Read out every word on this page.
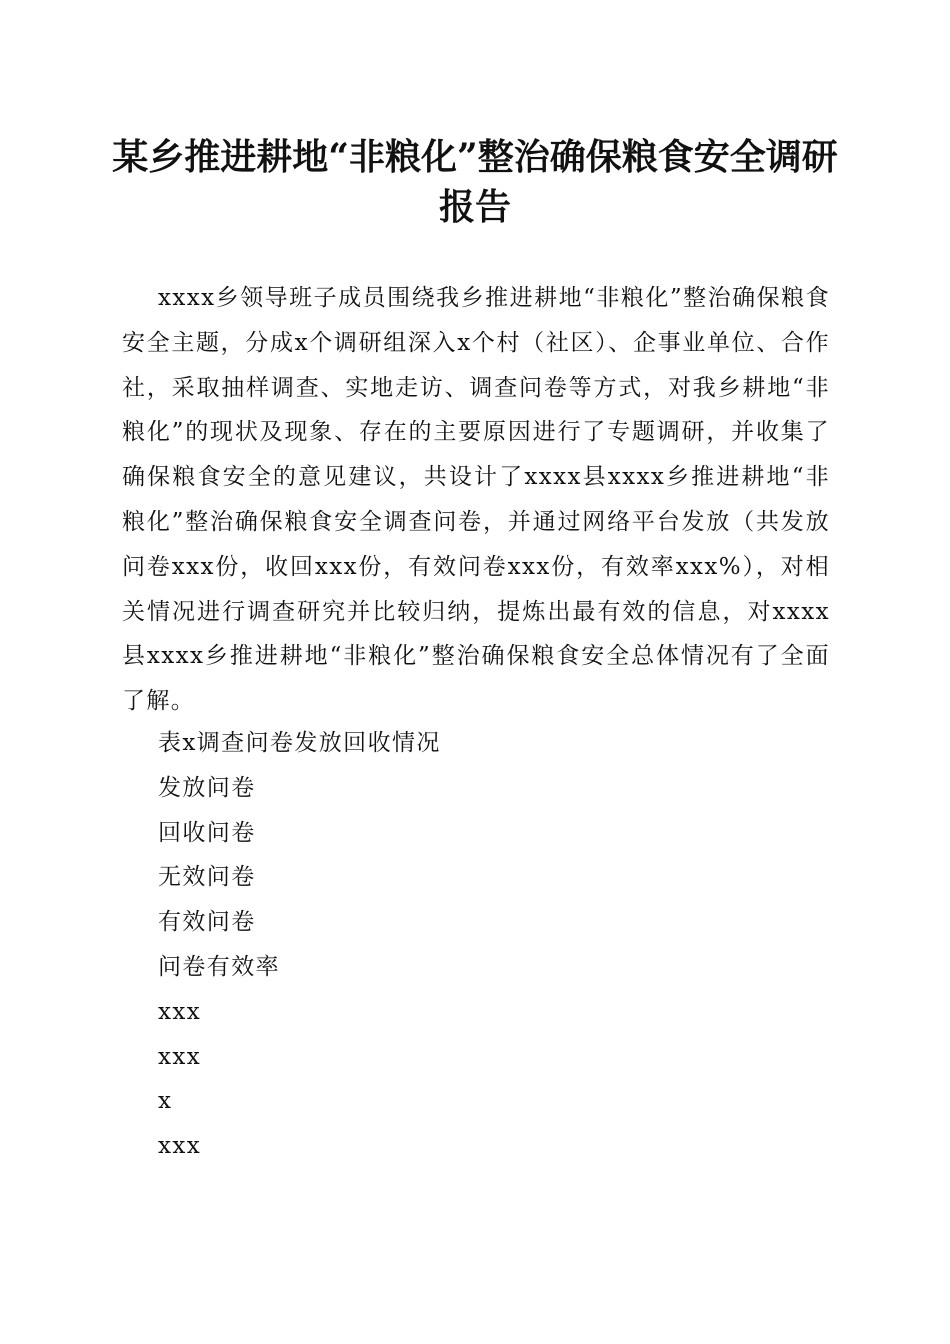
某乡推进耕地“非粮化”整治确保粮食安全调研报告

xxxx乡领导班子成员围绕我乡推进耕地“非粮化”整治确保粮食安全主题，分成x个调研组深入x个村（社区）、企事业单位、合作社，采取抽样调查、实地走访、调查问卷等方式，对我乡耕地“非粮化”的现状及现象、存在的主要原因进行了专题调研，并收集了确保粮食安全的意见建议，共设计了xxxx县xxxx乡推进耕地“非粮化”整治确保粮食安全调查问卷，并通过网络平台发放（共发放问卷xxx份，收回xxx份，有效问卷xxx份，有效率xxx%），对相关情况进行调查研究并比较归纳，提炼出最有效的信息，对xxxx县xxxx乡推进耕地“非粮化”整治确保粮食安全总体情况有了全面了解。

表x调查问卷发放回收情况
发放问卷
回收问卷
无效问卷
有效问卷
问卷有效率
xxx
xxx
x
xxx
